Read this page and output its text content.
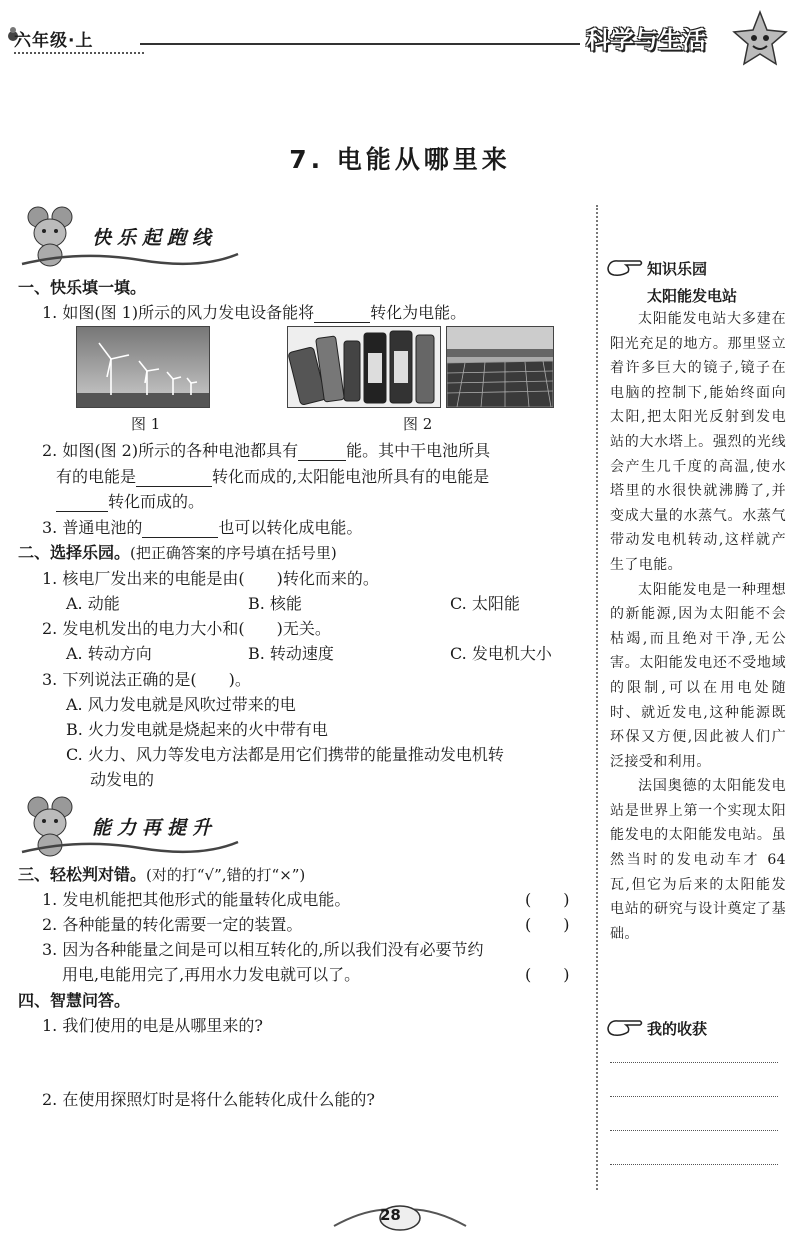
六年级·上	科学与生活
7. 电能从哪里来
快乐起跑线
一、快乐填一填。
1. 如图(图 1)所示的风力发电设备能将	转化为电能。
图 1	图 2
2. 如图(图 2)所示的各种电池都具有	能。其中干电池所具
有的电能是	转化而成的,太阳能电池所具有的电能是
转化而成的。
3. 普通电池的	也可以转化成电能。
二、选择乐园。(把正确答案的序号填在括号里)
1. 核电厂发出来的电能是由(　　)转化而来的。
A. 动能	B. 核能	C. 太阳能
2. 发电机发出的电力大小和(　　)无关。
A. 转动方向	B. 转动速度	C. 发电机大小
3. 下列说法正确的是(　　)。
A. 风力发电就是风吹过带来的电
B. 火力发电就是烧起来的火中带有电
C. 火力、风力等发电方法都是用它们携带的能量推动发电机转
动发电的
能力再提升
三、轻松判对错。(对的打“√”,错的打“×”)
1. 发电机能把其他形式的能量转化成电能。	(　　)
2. 各种能量的转化需要一定的装置。	(　　)
3. 因为各种能量之间是可以相互转化的,所以我们没有必要节约
用电,电能用完了,再用水力发电就可以了。	(　　)
四、智慧问答。
1. 我们使用的电是从哪里来的?
2. 在使用探照灯时是将什么能转化成什么能的?
知识乐园
太阳能发电站

太阳能发电站大多建在阳光充足的地方。那里竖立着许多巨大的镜子,镜子在电脑的控制下,能始终面向太阳,把太阳光反射到发电站的大水塔上。强烈的光线会产生几千度的高温,使水塔里的水很快就沸腾了,并变成大量的水蒸气。水蒸气带动发电机转动,这样就产生了电能。

太阳能发电是一种理想的新能源,因为太阳能不会枯竭,而且绝对干净,无公害。太阳能发电还不受地域的限制,可以在用电处随时、就近发电,这种能源既环保又方便,因此被人们广泛接受和利用。

法国奥德的太阳能发电站是世界上第一个实现太阳能发电的太阳能发电站。虽然当时的发电动车才 64 瓦,但它为后来的太阳能发电站的研究与设计奠定了基础。

我的收获
28
